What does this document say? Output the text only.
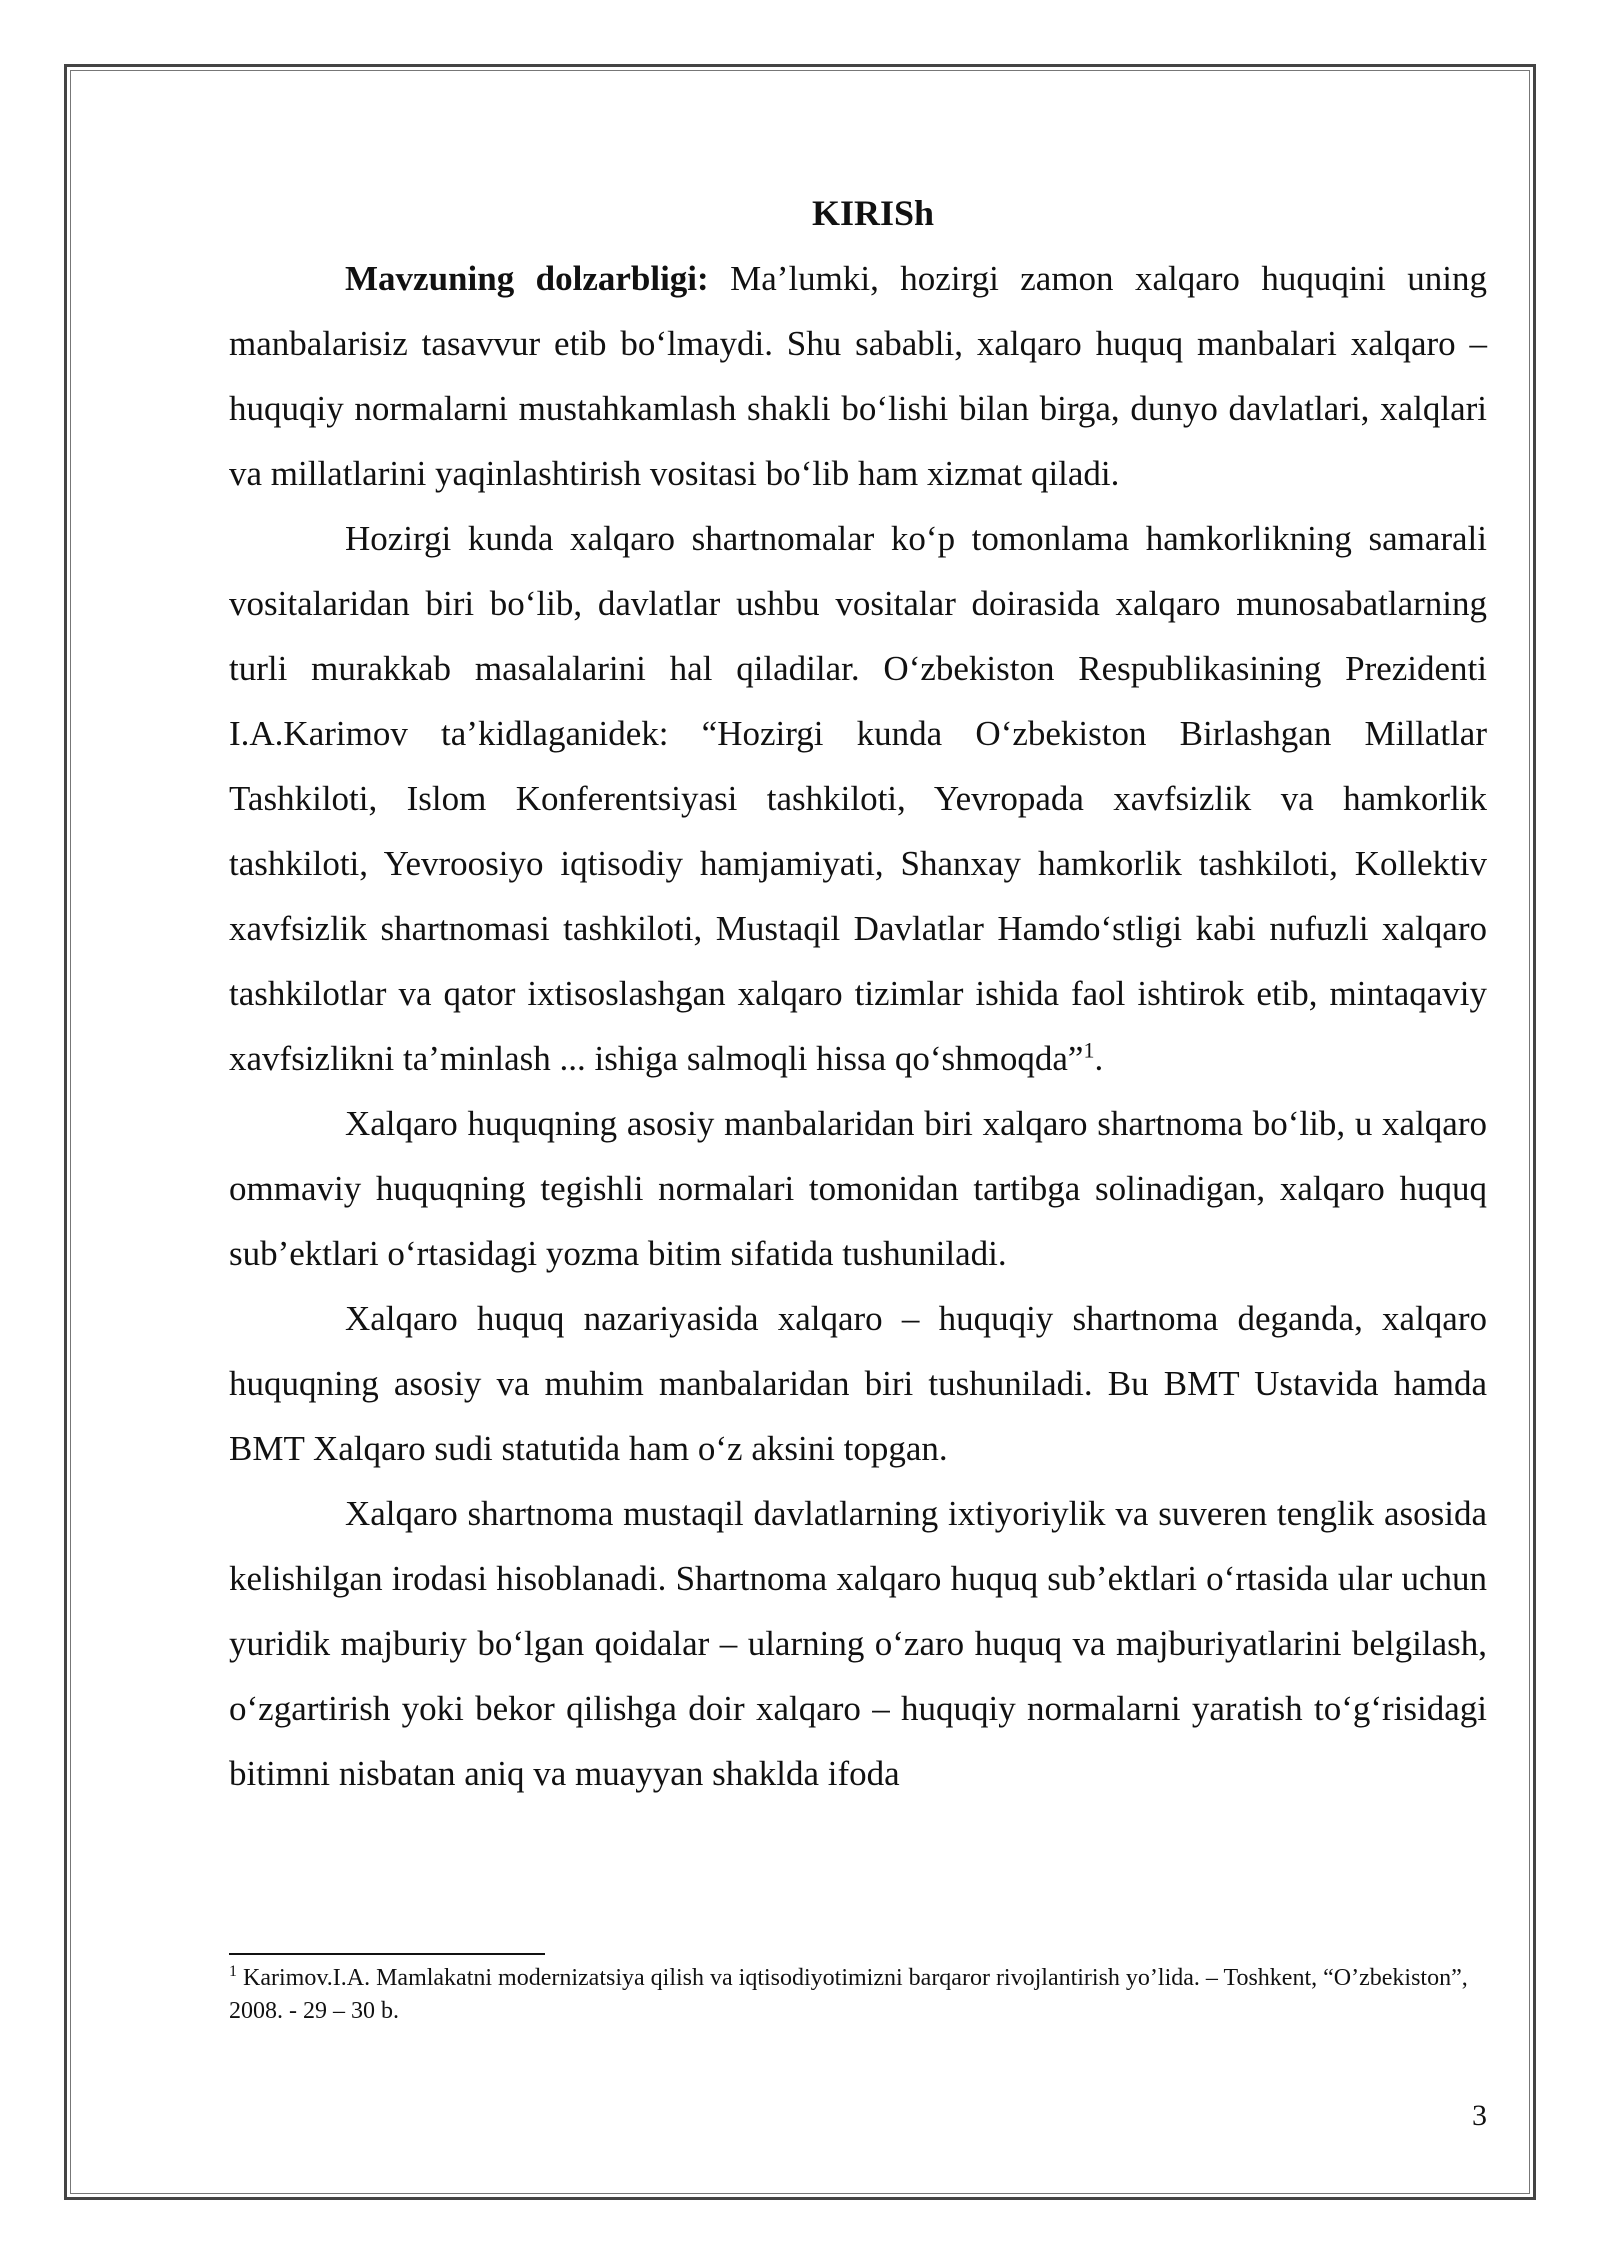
KIRISh

Mavzuning dolzarbligi: Ma’lumki, hozirgi zamon xalqaro huquqini uning manbalarisiz tasavvur etib bo‘lmaydi. Shu sababli, xalqaro huquq manbalari xalqaro – huquqiy normalarni mustahkamlash shakli bo‘lishi bilan birga, dunyo davlatlari, xalqlari va millatlarini yaqinlashtirish vositasi bo‘lib ham xizmat qiladi.

Hozirgi kunda xalqaro shartnomalar ko‘p tomonlama hamkorlikning samarali vositalaridan biri bo‘lib, davlatlar ushbu vositalar doirasida xalqaro munosabatlarning turli murakkab masalalarini hal qiladilar. O‘zbekiston Respublikasining Prezidenti I.A.Karimov ta’kidlaganidek: “Hozirgi kunda O‘zbekiston Birlashgan Millatlar Tashkiloti, Islom Konferentsiyasi tashkiloti, Yevropada xavfsizlik va hamkorlik tashkiloti, Yevroosiyo iqtisodiy hamjamiyati, Shanxay hamkorlik tashkiloti, Kollektiv xavfsizlik shartnomasi tashkiloti, Mustaqil Davlatlar Hamdo‘stligi kabi nufuzli xalqaro tashkilotlar va qator ixtisoslashgan xalqaro tizimlar ishida faol ishtirok etib, mintaqaviy xavfsizlikni ta’minlash ... ishiga salmoqli hissa qo‘shmoqda”$^1$.

Xalqaro huquqning asosiy manbalaridan biri xalqaro shartnoma bo‘lib, u xalqaro ommaviy huquqning tegishli normalari tomonidan tartibga solinadigan, xalqaro huquq sub’ektlari o‘rtasidagi yozma bitim sifatida tushuniladi.

Xalqaro huquq nazariyasida xalqaro – huquqiy shartnoma deganda, xalqaro huquqning asosiy va muhim manbalaridan biri tushuniladi. Bu BMT Ustavida hamda BMT Xalqaro sudi statutida ham o‘z aksini topgan.

Xalqaro shartnoma mustaqil davlatlarning ixtiyoriylik va suveren tenglik asosida kelishilgan irodasi hisoblanadi. Shartnoma xalqaro huquq sub’ektlari o‘rtasida ular uchun yuridik majburiy bo‘lgan qoidalar – ularning o‘zaro huquq va majburiyatlarini belgilash, o‘zgartirish yoki bekor qilishga doir xalqaro – huquqiy normalarni yaratish to‘g‘risidagi bitimni nisbatan aniq va muayyan shaklda ifoda

$^1$ Karimov.I.A. Mamlakatni modernizatsiya qilish va iqtisodiyotimizni barqaror rivojlantirish yo’lida. – Toshkent, “O’zbekiston”, 2008. - 29 – 30 b.

3
